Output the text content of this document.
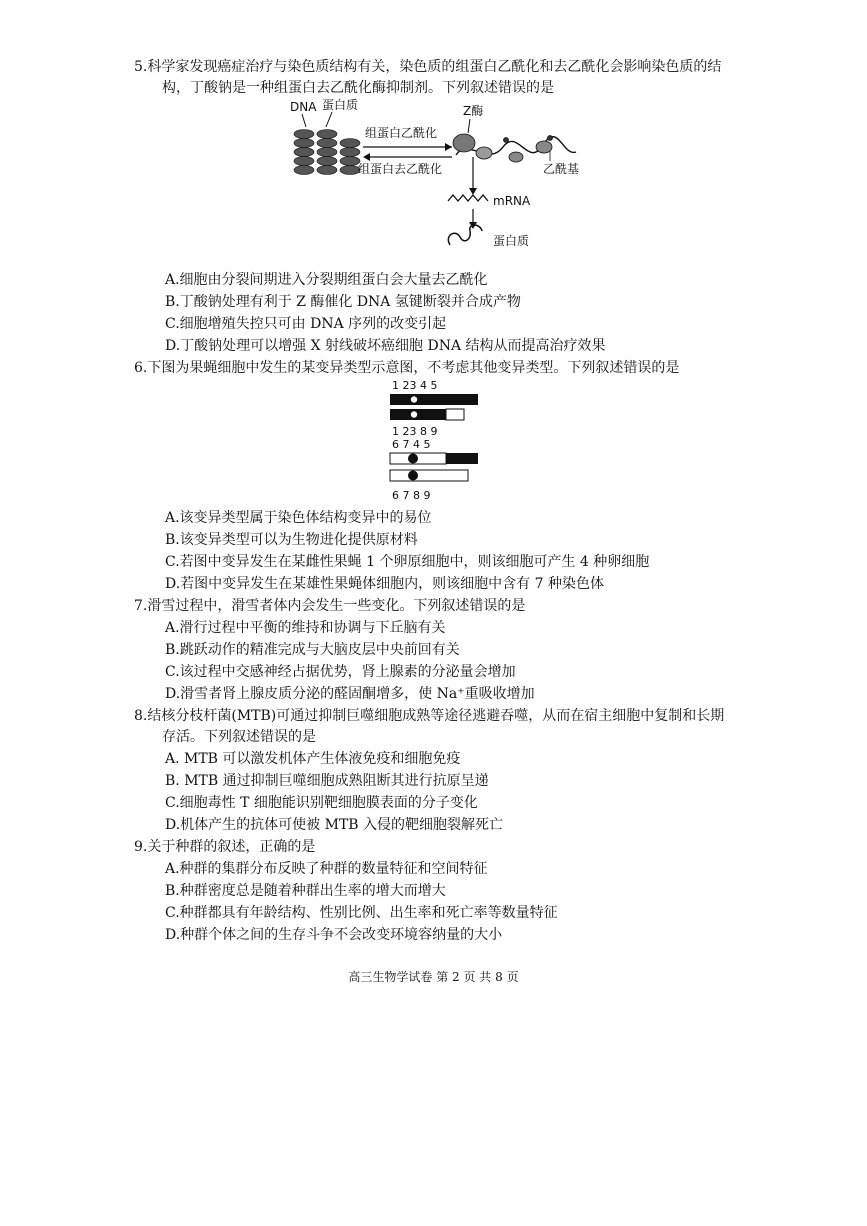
5.科学家发现癌症治疗与染色质结构有关，染色质的组蛋白乙酰化和去乙酰化会影响染色质的结
构，丁酸钠是一种组蛋白去乙酰化酶抑制剂。下列叙述错误的是
DNA 蛋白质
组蛋白乙酰化
组蛋白去乙酰化
Z酶
乙酰基
mRNA
蛋白质
A.细胞由分裂间期进入分裂期组蛋白会大量去乙酰化
B.丁酸钠处理有利于 Z 酶催化 DNA 氢键断裂并合成产物
C.细胞增殖失控只可由 DNA 序列的改变引起
D.丁酸钠处理可以增强 X 射线破坏癌细胞 DNA 结构从而提高治疗效果
6.下图为果蝇细胞中发生的某变异类型示意图，不考虑其他变异类型。下列叙述错误的是
1 23 4 5
1 23 8 9
6 7 4 5
6 7 8 9
A.该变异类型属于染色体结构变异中的易位
B.该变异类型可以为生物进化提供原材料
C.若图中变异发生在某雌性果蝇 1 个卵原细胞中，则该细胞可产生 4 种卵细胞
D.若图中变异发生在某雄性果蝇体细胞内，则该细胞中含有 7 种染色体
7.滑雪过程中，滑雪者体内会发生一些变化。下列叙述错误的是
A.滑行过程中平衡的维持和协调与下丘脑有关
B.跳跃动作的精准完成与大脑皮层中央前回有关
C.该过程中交感神经占据优势，肾上腺素的分泌量会增加
D.滑雪者肾上腺皮质分泌的醛固酮增多，使 Na⁺重吸收增加
8.结核分枝杆菌(MTB)可通过抑制巨噬细胞成熟等途径逃避吞噬，从而在宿主细胞中复制和长期
存活。下列叙述错误的是
A. MTB 可以激发机体产生体液免疫和细胞免疫
B. MTB 通过抑制巨噬细胞成熟阻断其进行抗原呈递
C.细胞毒性 T 细胞能识别靶细胞膜表面的分子变化
D.机体产生的抗体可使被 MTB 入侵的靶细胞裂解死亡
9.关于种群的叙述，正确的是
A.种群的集群分布反映了种群的数量特征和空间特征
B.种群密度总是随着种群出生率的增大而增大
C.种群都具有年龄结构、性别比例、出生率和死亡率等数量特征
D.种群个体之间的生存斗争不会改变环境容纳量的大小
高三生物学试卷 第 2 页 共 8 页
